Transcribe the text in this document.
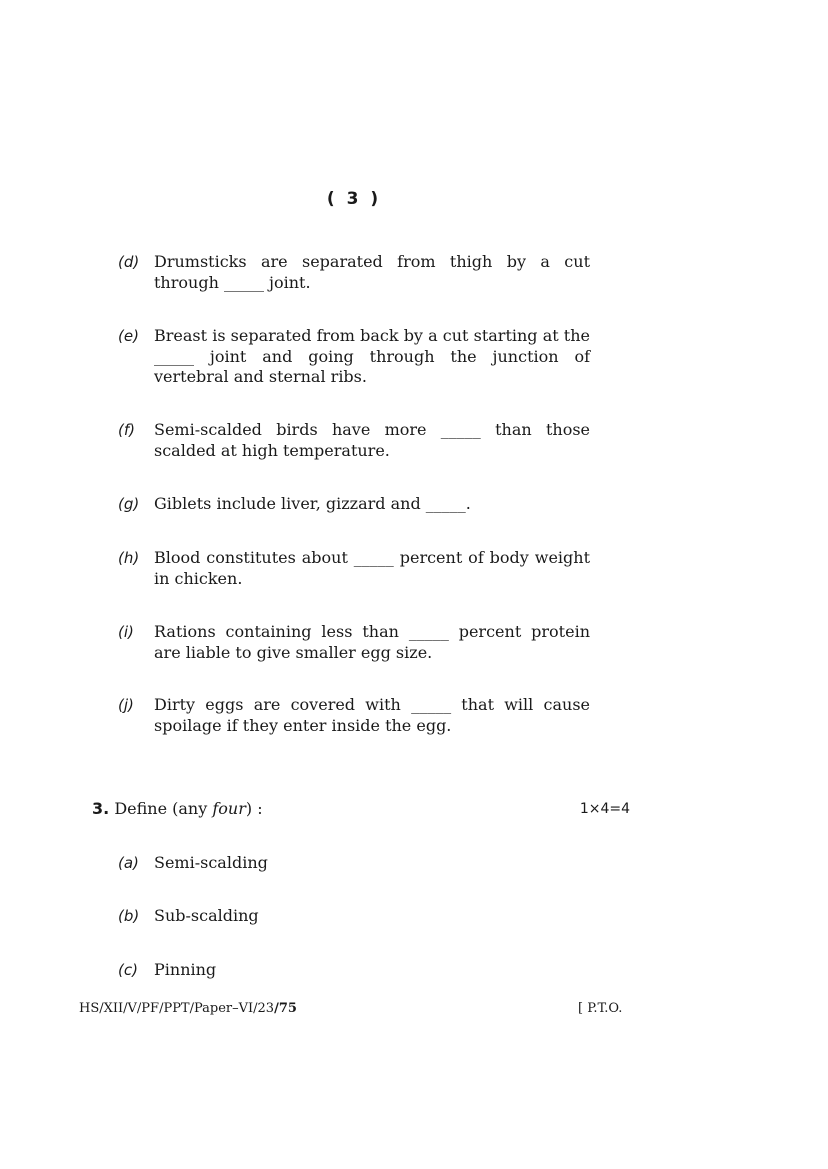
( 3 )
(d) Drumsticks are separated from thigh by a cut through _____ joint.
(e) Breast is separated from back by a cut starting at the _____ joint and going through the junction of vertebral and sternal ribs.
(f) Semi-scalded birds have more _____ than those scalded at high temperature.
(g) Giblets include liver, gizzard and _____.
(h) Blood constitutes about _____ percent of body weight in chicken.
(i) Rations containing less than _____ percent protein are liable to give smaller egg size.
(j) Dirty eggs are covered with _____ that will cause spoilage if they enter inside the egg.
3. Define (any four) :	1×4=4
(a) Semi-scalding
(b) Sub-scalding
(c) Pinning
HS/XII/V/PF/PPT/Paper–VI/23/75	[ P.T.O.
